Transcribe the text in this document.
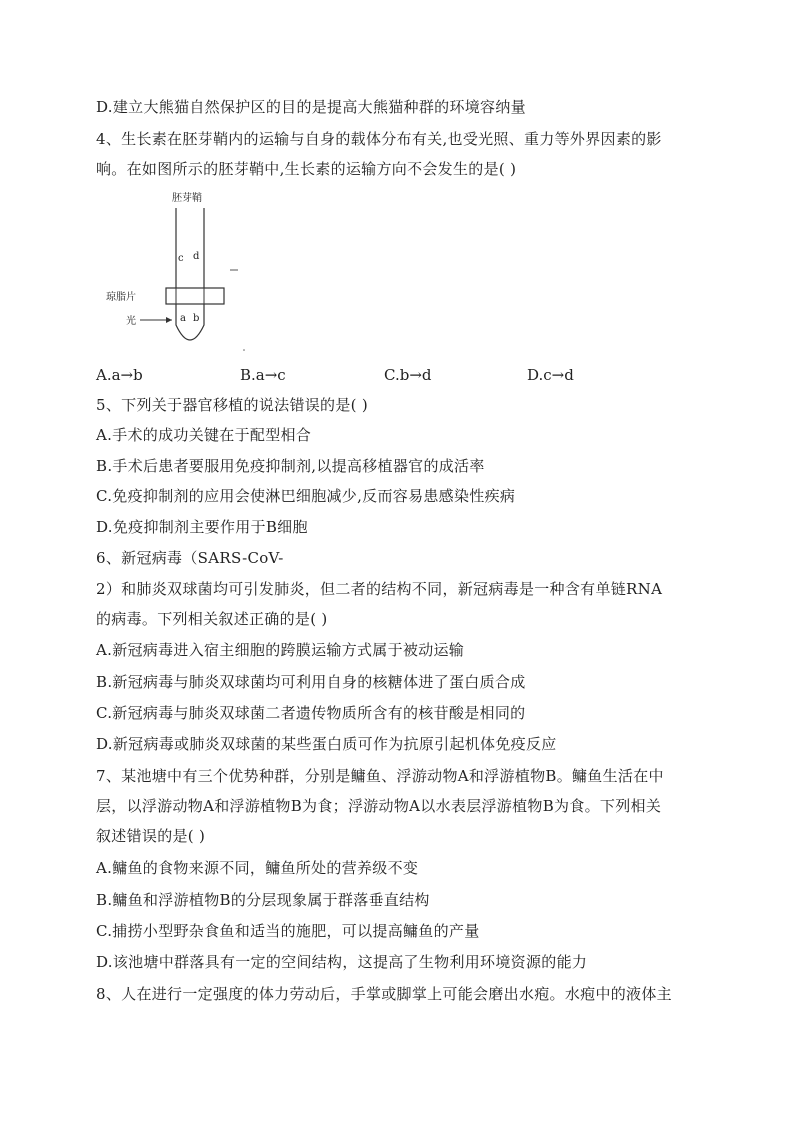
D.建立大熊猫自然保护区的目的是提高大熊猫种群的环境容纳量
4、生长素在胚芽鞘内的运输与自身的载体分布有关,也受光照、重力等外界因素的影
响。在如图所示的胚芽鞘中,生长素的运输方向不会发生的是( )
胚芽鞘
c d
a b
琼脂片
光
A.a→b	B.a→c	C.b→d	D.c→d
5、下列关于器官移植的说法错误的是( )
A.手术的成功关键在于配型相合
B.手术后患者要服用免疫抑制剂,以提高移植器官的成活率
C.免疫抑制剂的应用会使淋巴细胞减少,反而容易患感染性疾病
D.免疫抑制剂主要作用于B细胞
6、新冠病毒（SARS-CoV-
2）和肺炎双球菌均可引发肺炎，但二者的结构不同，新冠病毒是一种含有单链RNA
的病毒。下列相关叙述正确的是( )
A.新冠病毒进入宿主细胞的跨膜运输方式属于被动运输
B.新冠病毒与肺炎双球菌均可利用自身的核糖体进了蛋白质合成
C.新冠病毒与肺炎双球菌二者遗传物质所含有的核苷酸是相同的
D.新冠病毒或肺炎双球菌的某些蛋白质可作为抗原引起机体免疫反应
7、某池塘中有三个优势种群，分别是鳙鱼、浮游动物A和浮游植物B。鳙鱼生活在中
层，以浮游动物A和浮游植物B为食；浮游动物A以水表层浮游植物B为食。下列相关
叙述错误的是( )
A.鳙鱼的食物来源不同，鳙鱼所处的营养级不变
B.鳙鱼和浮游植物B的分层现象属于群落垂直结构
C.捕捞小型野杂食鱼和适当的施肥，可以提高鳙鱼的产量
D.该池塘中群落具有一定的空间结构，这提高了生物利用环境资源的能力
8、人在进行一定强度的体力劳动后，手掌或脚掌上可能会磨出水疱。水疱中的液体主
